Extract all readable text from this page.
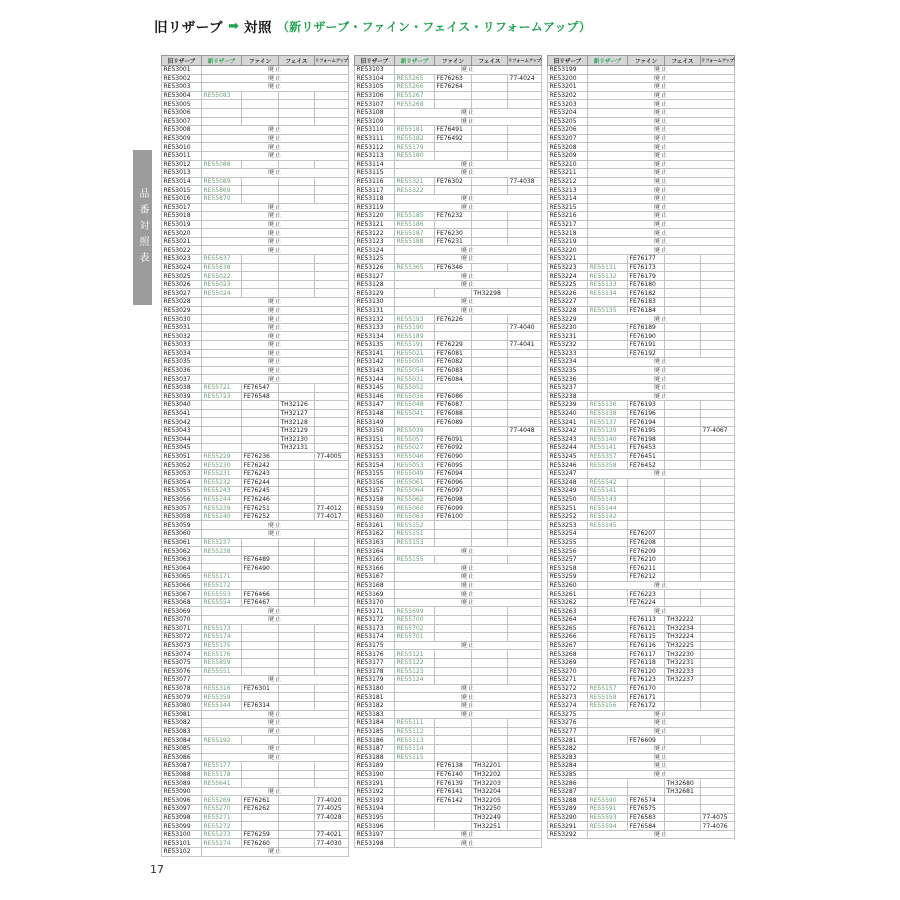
旧リザーブ ➡ 対照 （新リザーブ・ファイン・フェイス・リフォームアップ）
品番対照表
旧リザーブ	新リザーブ	ファイン	フェイス	リフォームアップ
RE53001	廃止			
RE53002	廃止			
RE53003	廃止			
RE53004	RE55083			
RE53005				
RE53006				
RE53007				
RE53008	廃止			
RE53009	廃止			
RE53010	廃止			
RE53011	廃止			
RE53012	RE55088			
RE53013	廃止			
RE53014	RE55089			
RE53015	RE55869			
RE53016	RE55870			
RE53017	廃止			
RE53018	廃止			
RE53019	廃止			
RE53020	廃止			
RE53021	廃止			
RE53022	廃止			
RE53023	RE55637			
RE53024	RE55638			
RE53025	RE55022			
RE53026	RE55023			
RE53027	RE55024			
RE53028	廃止			
RE53029	廃止			
RE53030	廃止			
RE53031	廃止			
RE53032	廃止			
RE53033	廃止			
RE53034	廃止			
RE53035	廃止			
RE53036	廃止			
RE53037	廃止			
RE53038	RE55721	FE76547		
RE53039	RE55723	FE76548		
RE53040			TH32126	
RE53041			TH32127	
RE53042			TH32128	
RE53043			TH32129	
RE53044			TH32130	
RE53045			TH32131	
RE53051	RE55229	FE76236		77-4005
RE53052	RE55230	FE76242		
RE53053	RE55231	FE76243		
RE53054	RE55232	FE76244		
RE53055	RE55243	FE76245		
RE53056	RE55244	FE76246		
RE53057	RE55239	FE76251		77-4012
RE53058	RE55240	FE76252		77-4017
RE53059	廃止			
RE53060	廃止			
RE53061	RE55237			
RE53062	RE55238			
RE53063		FE76489		
RE53064		FE76490		
RE53065	RE55171			
RE53066	RE55172			
RE53067	RE55553	FE76466		
RE53068	RE55554	FE76467		
RE53069	廃止			
RE53070	廃止			
RE53071	RE55173			
RE53072	RE55174			
RE53073	RE55175			
RE53074	RE55176			
RE53075	RE55859			
RE53076	RE55551			
RE53077	廃止			
RE53078	RE55316	FE76301		
RE53079	RE55359			
RE53080	RE55344	FE76314		
RE53081	廃止			
RE53082	廃止			
RE53083	廃止			
RE53084	RE55192			
RE53085	廃止			
RE53086	廃止			
RE53087	RE55177			
RE53088	RE55178			
RE53089	RE55641			
RE53090	廃止			
RE53096	RE55269	FE76261		77-4020
RE53097	RE55270	FE76262		77-4025
RE53098	RE55271			77-4028
RE53099	RE55272			
RE53100	RE55273	FE76259		77-4021
RE53101	RE55274	FE76260		77-4030
RE53102	廃止			
旧リザーブ	新リザーブ	ファイン	フェイス	リフォームアップ
RE53103	廃止			
RE53104	RE55265	FE76263		77-4024
RE53105	RE55266	FE76264		
RE53106	RE55267			
RE53107	RE55268			
RE53108	廃止			
RE53109	廃止			
RE53110	RE55181	FE76491		
RE53111	RE55182	FE76492		
RE53112	RE55179			
RE53113	RE55180			
RE53114	廃止			
RE53115	廃止			
RE53116	RE55321	FE76302		77-4038
RE53117	RE55322			
RE53118	廃止			
RE53119	廃止			
RE53120	RE55185	FE76232		
RE53121	RE55186			
RE53122	RE55187	FE76230		
RE53123	RE55188	FE76231		
RE53124	廃止			
RE53125	廃止			
RE53126	RE55365	FE76346		
RE53127	廃止			
RE53128	廃止			
RE53129			TH32298	
RE53130	廃止			
RE53131	廃止			
RE53132	RE55193	FE76226		
RE53133	RE55190			77-4040
RE53134	RE55189			
RE53135	RE55191	FE76229		77-4041
RE53141	RE55021	FE76081		
RE53142	RE55050	FE76082		
RE53143	RE55054	FE76083		
RE53144	RE55031	FE76084		
RE53145	RE55052			
RE53146	RE55036	FE76086		
RE53147	RE55048	FE76087		
RE53148	RE55041	FE76088		
RE53149		FE76089		
RE53150	RE55039			77-4048
RE53151	RE55057	FE76091		
RE53152	RE55027	FE76092		
RE53153	RE55046	FE76090		
RE53154	RE55053	FE76095		
RE53155	RE55049	FE76094		
RE53156	RE55061	FE76096		
RE53157	RE55064	FE76097		
RE53158	RE55062	FE76098		
RE53159	RE55060	FE76099		
RE53160	RE55063	FE76100		
RE53161	RE55152			
RE53162	RE55151			
RE53163	RE55153			
RE53164	廃止			
RE53165	RE55155			
RE53166	廃止			
RE53167	廃止			
RE53168	廃止			
RE53169	廃止			
RE53170	廃止			
RE53171	RE55699			
RE53172	RE55700			
RE53173	RE55702			
RE53174	RE55701			
RE53175	廃止			
RE53176	RE55121			
RE53177	RE55122			
RE53178	RE55123			
RE53179	RE55124			
RE53180	廃止			
RE53181	廃止			
RE53182	廃止			
RE53183	廃止			
RE53184	RE55111			
RE53185	RE55112			
RE53186	RE55113			
RE53187	RE55114			
RE53188	RE55115			
RE53189		FE76138	TH32201	
RE53190		FE76140	TH32202	
RE53191		FE76139	TH32203	
RE53192		FE76141	TH32204	
RE53193		FE76142	TH32205	
RE53194			TH32250	
RE53195			TH32249	
RE53196			TH32251	
RE53197	廃止			
RE53198	廃止			
旧リザーブ	新リザーブ	ファイン	フェイス	リフォームアップ
RE53199	廃止			
RE53200	廃止			
RE53201	廃止			
RE53202	廃止			
RE53203	廃止			
RE53204	廃止			
RE53205	廃止			
RE53206	廃止			
RE53207	廃止			
RE53208	廃止			
RE53209	廃止			
RE53210	廃止			
RE53211	廃止			
RE53212	廃止			
RE53213	廃止			
RE53214	廃止			
RE53215	廃止			
RE53216	廃止			
RE53217	廃止			
RE53218	廃止			
RE53219	廃止			
RE53220	廃止			
RE53221		FE76177		
RE53223	RE55131	FE76173		
RE53224	RE55132	FE76179		
RE53225	RE55133	FE76180		
RE53226	RE55134	FE76182		
RE53227		FE76183		
RE53228	RE55135	FE76184		
RE53229	廃止			
RE53230		FE76189		
RE53231		FE76190		
RE53232		FE76191		
RE53233		FE76192		
RE53234	廃止			
RE53235	廃止			
RE53236	廃止			
RE53237	廃止			
RE53238	廃止			
RE53239	RE55136	FE76193		
RE53240	RE55138	FE76196		
RE53241	RE55137	FE76194		
RE53242	RE55139	FE76195		77-4067
RE53243	RE55140	FE76198		
RE53244	RE55141	FE76453		
RE53245	RE55357	FE76451		
RE53246	RE55358	FE76452		
RE53247	廃止			
RE53248	RE55542			
RE53249	RE55141			
RE53250	RE55143			
RE53251	RE55144			
RE53252	RE55142			
RE53253	RE55145			
RE53254		FE76207		
RE53255		FE76208		
RE53256		FE76209		
RE53257		FE76210		
RE53258		FE76211		
RE53259		FE76212		
RE53260	廃止			
RE53261		FE76223		
RE53262		FE76224		
RE53263	廃止			
RE53264		FE76113	TH32222	
RE53265		FE76121	TH32234	
RE53266		FE76115	TH32224	
RE53267		FE76116	TH32225	
RE53268		FE76117	TH32230	
RE53269		FE76118	TH32231	
RE53270		FE76120	TH32233	
RE53271		FE76123	TH32237	
RE53272	RE55157	FE76170		
RE53273	RE55158	FE76171		
RE53274	RE55156	FE76172		
RE53275	廃止			
RE53276	廃止			
RE53277	廃止			
RE53281		FE76609		
RE53282	廃止			
RE53283	廃止			
RE53284	廃止			
RE53285	廃止			
RE53286			TH32680	
RE53287			TH32681	
RE53288	RE55590	FE76574		
RE53289	RE55591	FE76575		
RE53290	RE55593	FE76583		77-4075
RE53291	RE55594	FE76584		77-4076
RE53292	廃止			
17
